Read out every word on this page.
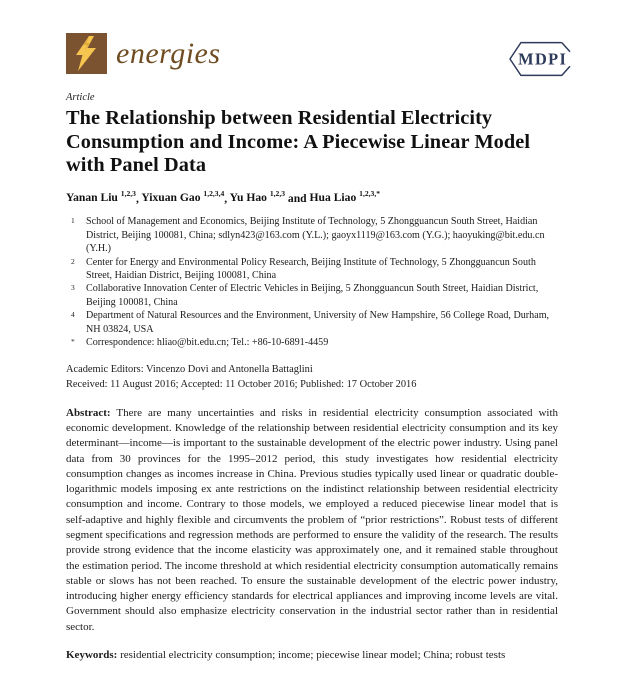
energies	MDPI
Article
The Relationship between Residential Electricity Consumption and Income: A Piecewise Linear Model with Panel Data
Yanan Liu $^{1,2,3}$, Yixuan Gao $^{1,2,3,4}$, Yu Hao $^{1,2,3}$ and Hua Liao $^{1,2,3,*}$
1	School of Management and Economics, Beijing Institute of Technology, 5 Zhongguancun South Street, Haidian District, Beijing 100081, China; sdlyn423@163.com (Y.L.); gaoyx1119@163.com (Y.G.); haoyuking@bit.edu.cn (Y.H.)
2	Center for Energy and Environmental Policy Research, Beijing Institute of Technology, 5 Zhongguancun South Street, Haidian District, Beijing 100081, China
3	Collaborative Innovation Center of Electric Vehicles in Beijing, 5 Zhongguancun South Street, Haidian District, Beijing 100081, China
4	Department of Natural Resources and the Environment, University of New Hampshire, 56 College Road, Durham, NH 03824, USA
*	Correspondence: hliao@bit.edu.cn; Tel.: +86-10-6891-4459
Academic Editors: Vincenzo Dovì and Antonella Battaglini
Received: 11 August 2016; Accepted: 11 October 2016; Published: 17 October 2016

Abstract: There are many uncertainties and risks in residential electricity consumption associated with economic development. Knowledge of the relationship between residential electricity consumption and its key determinant—income—is important to the sustainable development of the electric power industry. Using panel data from 30 provinces for the 1995–2012 period, this study investigates how residential electricity consumption changes as incomes increase in China. Previous studies typically used linear or quadratic double-logarithmic models imposing ex ante restrictions on the indistinct relationship between residential electricity consumption and income. Contrary to those models, we employed a reduced piecewise linear model that is self-adaptive and highly flexible and circumvents the problem of “prior restrictions”. Robust tests of different segment specifications and regression methods are performed to ensure the validity of the research. The results provide strong evidence that the income elasticity was approximately one, and it remained stable throughout the estimation period. The income threshold at which residential electricity consumption automatically remains stable or slows has not been reached. To ensure the sustainable development of the electric power industry, introducing higher energy efficiency standards for electrical appliances and improving income levels are vital. Government should also emphasize electricity conservation in the industrial sector rather than in residential sector.

Keywords: residential electricity consumption; income; piecewise linear model; China; robust tests
